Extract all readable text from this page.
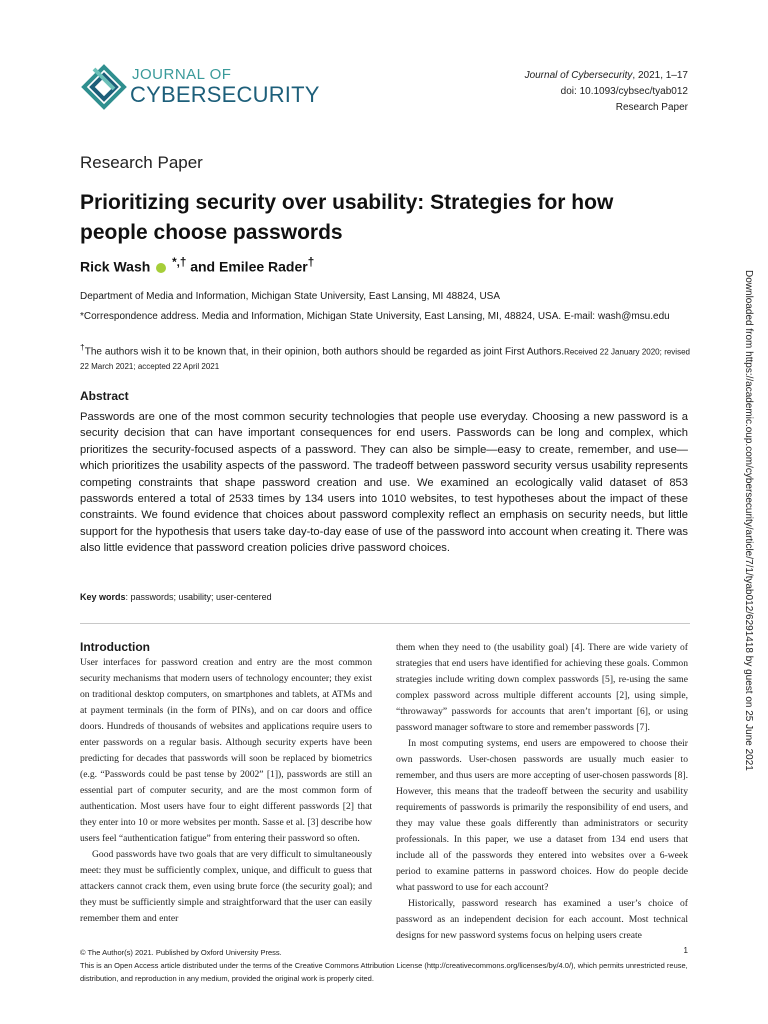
JOURNAL OF
CYBERSECURITY
Journal of Cybersecurity, 2021, 1–17
doi: 10.1093/cybsec/tyab012
Research Paper
Research Paper
Prioritizing security over usability: Strategies for how people choose passwords
Rick Wash *,† and Emilee Rader†
Department of Media and Information, Michigan State University, East Lansing, MI 48824, USA
*Correspondence address. Media and Information, Michigan State University, East Lansing, MI, 48824, USA. E-mail: wash@msu.edu
†The authors wish it to be known that, in their opinion, both authors should be regarded as joint First Authors.Received 22 January 2020; revised 22 March 2021; accepted 22 April 2021
Abstract
Passwords are one of the most common security technologies that people use everyday. Choosing a new password is a security decision that can have important consequences for end users. Passwords can be long and complex, which prioritizes the security-focused aspects of a password. They can also be simple—easy to create, remember, and use—which prioritizes the usability aspects of the password. The tradeoff between password security versus usability represents competing constraints that shape password creation and use. We examined an ecologically valid dataset of 853 passwords entered a total of 2533 times by 134 users into 1010 websites, to test hypotheses about the impact of these constraints. We found evidence that choices about password complexity reflect an emphasis on security needs, but little support for the hypothesis that users take day-to-day ease of use of the password into account when creating it. There was also little evidence that password creation policies drive password choices.
Key words: passwords; usability; user-centered
Introduction

User interfaces for password creation and entry are the most common security mechanisms that modern users of technology encounter; they exist on traditional desktop computers, on smartphones and tablets, at ATMs and at payment terminals (in the form of PINs), and on car doors and office doors. Hundreds of thousands of websites and applications require users to enter passwords on a regular basis. Although security experts have been predicting for decades that passwords will soon be replaced by biometrics (e.g. “Passwords could be past tense by 2002” [1]), passwords are still an essential part of computer security, and are the most common form of authentication. Most users have four to eight different passwords [2] that they enter into 10 or more websites per month. Sasse et al. [3] describe how users feel “authentication fatigue” from entering their password so often.

Good passwords have two goals that are very difficult to simultaneously meet: they must be sufficiently complex, unique, and difficult to guess that attackers cannot crack them, even using brute force (the security goal); and they must be sufficiently simple and straightforward that the user can easily remember them and enter

them when they need to (the usability goal) [4]. There are wide variety of strategies that end users have identified for achieving these goals. Common strategies include writing down complex passwords [5], re-using the same complex password across multiple different accounts [2], using simple, “throwaway” passwords for accounts that aren’t important [6], or using password manager software to store and remember passwords [7].

In most computing systems, end users are empowered to choose their own passwords. User-chosen passwords are usually much easier to remember, and thus users are more accepting of user-chosen passwords [8]. However, this means that the tradeoff between the security and usability requirements of passwords is primarily the responsibility of end users, and they may value these goals differently than administrators or security professionals. In this paper, we use a dataset from 134 end users that include all of the passwords they entered into websites over a 6-week period to examine patterns in password choices. How do people decide what password to use for each account?

Historically, password research has examined a user’s choice of password as an independent decision for each account. Most technical designs for new password systems focus on helping users create

© The Author(s) 2021. Published by Oxford University Press.
This is an Open Access article distributed under the terms of the Creative Commons Attribution License (http://creativecommons.org/licenses/by/4.0/), which permits unrestricted reuse, distribution, and reproduction in any medium, provided the original work is properly cited.
1
Downloaded from https://academic.oup.com/cybersecurity/article/7/1/tyab012/6291418 by guest on 25 June 2021
